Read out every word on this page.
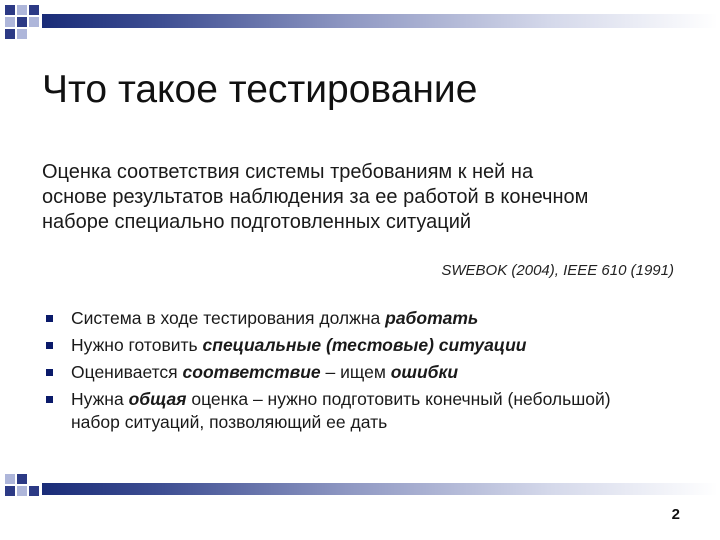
Что такое тестирование

Оценка соответствия системы требованиям к ней на основе результатов наблюдения за ее работой в конечном наборе специально подготовленных ситуаций

SWEBOK (2004), IEEE 610 (1991)

Система в ходе тестирования должна работать
Нужно готовить специальные (тестовые) ситуации
Оценивается соответствие – ищем ошибки
Нужна общая оценка – нужно подготовить конечный (небольшой) набор ситуаций, позволяющий ее дать

2
